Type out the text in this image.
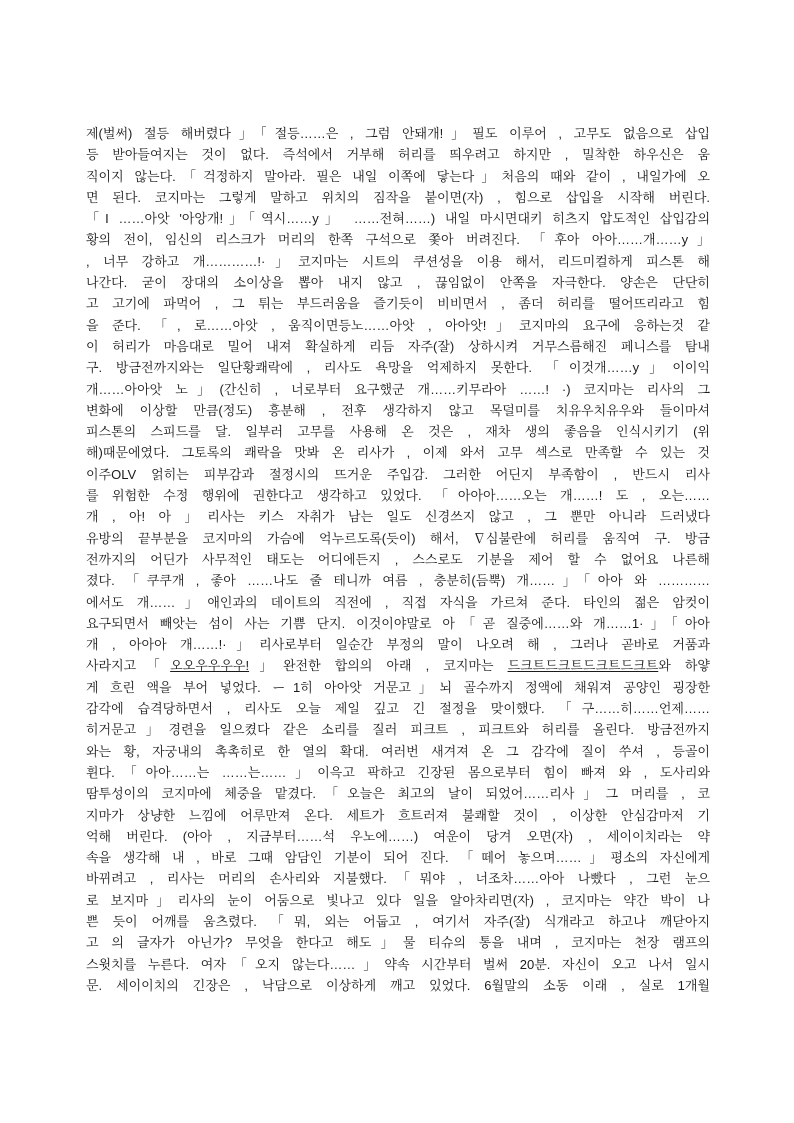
제(벌써) 절등 해버렸다」「절등……은 , 그럼 안돼개!」필도 이루어 , 고무도 없음으로 삽입
등 받아들여지는 것이 없다. 즉석에서 거부해 허리를 띄우려고 하지만 , 밀착한 하우신은 움
직이지 않는다.「걱정하지 말아라. 필은 내일 이쪽에 닿는다」처음의 때와 같이 , 내일가에 오
면 된다. 코지마는 그렇게 말하고 위치의 짐작을 붙이면(자) , 힘으로 삽입을 시작해 버린다.
「I ……아앗 '아앙개!」「역시……y」 ……전혀……) 내일 마시면대키 히츠지 압도적인 삽입감의
황의 전이, 임신의 리스크가 머리의 한쪽 구석으로 쫓아 버려진다. 「후아 아아……개……y」
, 너무 강하고 개…………!·」코지마는 시트의 쿠션성을 이용 해서, 리드미컬하게 피스톤 해
나간다. 굳이 장대의 소이상을 뽑아 내지 않고 , 끊임없이 안쪽을 자극한다. 양손은 단단히
고 고기에 파먹어 , 그 튀는 부드러움을 즐기듯이 비비면서 , 좀더 허리를 떨어뜨리라고 힘
을 준다. 「, 로……아앗 , 움직이면등노……아앗 , 아아앗!」코지마의 요구에 응하는것 같
이 허리가 마음대로 밀어 내져 확실하게 리듬 자주(잘) 상하시켜 거무스름해진 페니스를 탐내
구. 방금전까지와는 일단황쾌락에 , 리사도 욕망을 억제하지 못한다. 「이것개……y」이이익
개……아아앗 노」(간신히 , 너로부터 요구했군 개……키무라아 ……! ·) 코지마는 리사의 그
변화에 이상할 만큼(정도) 흥분해 , 전후 생각하지 않고 목덜미를 치유우치유우와 들이마셔
피스톤의 스피드를 달. 일부러 고무를 사용해 온 것은 , 재차 생의 좋음을 인식시키기 (위
해)때문에였다. 그토록의 쾌락을 맛봐 온 리사가 , 이제 와서 고무 섹스로 만족할 수 있는 것
이주OLV 얽히는 피부감과 절정시의 뜨거운 주입감. 그러한 어딘지 부족함이 , 반드시 리사
를 위험한 수정 행위에 권한다고 생각하고 있었다. 「아아아……오는 개……! 도 , 오는……
개 , 아! 아 」리사는 키스 자취가 남는 일도 신경쓰지 않고 , 그 뿐만 아니라 드러냈다
유방의 끝부분을 코지마의 가슴에 억누르도록(듯이) 해서, ∇심불란에 허리를 움직여 구. 방금
전까지의 어딘가 사무적인 태도는 어디에든지 , 스스로도 기분을 제어 할 수 없어요 나른해
졌다. 「쿠쿠개 , 좋아 ……나도 줄 테니까 여름 , 충분히(듬뿍) 개……」「아아 와 …………
에서도 개……」애인과의 데이트의 직전에 , 직접 자식을 가르쳐 준다. 타인의 젊은 암컷이
요구되면서 빼앗는 섬이 사는 기쁨 단지. 이것이야말로 아「곧 질중에……와 개……1·」「아아
개 , 아아아 개……!·」리사로부터 일순간 부정의 말이 나오려 해 , 그러나 곧바로 거품과
사라지고「오오우우우우!」완전한 합의의 아래 , 코지마는 드크트드크트드크트드크트와 하얗
게 흐린 액을 부어 넣었다. ー1히 아아앗 거문고」뇌 골수까지 정액에 채워져 공양인 굉장한
감각에 습격당하면서 , 리사도 오늘 제일 깊고 긴 절정을 맞이했다. 「구……히……언제……
히거문고」경련을 일으켰다 같은 소리를 질러 피크트 , 피크트와 허리를 올린다. 방금전까지
와는 황, 자궁내의 촉촉히로 한 열의 확대. 여러번 새겨져 온 그 감각에 질이 쑤셔 , 등골이
휜다.「아아……는 ……는……」이윽고 팍하고 긴장된 몸으로부터 힘이 빠져 와 , 도사리와
땀투성이의 코지마에 체중을 맡겼다.「오늘은 최고의 날이 되었어……리사」그 머리를 , 코
지마가 상냥한 느낌에 어루만져 온다. 세트가 흐트러져 불쾌할 것이 , 이상한 안심감마저 기
억해 버린다. (아아 , 지금부터……석 우노에……) 여운이 당겨 오면(자) , 세이이치라는 약
속을 생각해 내 , 바로 그때 암담인 기분이 되어 진다. 「떼어 놓으며……」평소의 자신에게
바뀌려고 , 리사는 머리의 손사리와 지불했다.「뭐야 , 너조차……아아 나빴다 , 그런 눈으
로 보지마」리사의 눈이 어둠으로 빛나고 있다 일을 알아차리면(자) , 코지마는 약간 박이 나
쁜 듯이 어깨를 움츠렸다. 「뭐, 외는 어둡고 , 여기서 자주(잘) 식개라고 하고나 깨닫아지
고 의 글자가 아닌가? 무엇을 한다고 해도」물 티슈의 통을 내며 , 코지마는 천장 램프의
스윗치를 누른다. 여자「오지 않는다……」약속 시간부터 벌써 20분. 자신이 오고 나서 일시
문. 세이이치의 긴장은 , 낙담으로 이상하게 깨고 있었다. 6월말의 소동 이래 , 실로 1개월
